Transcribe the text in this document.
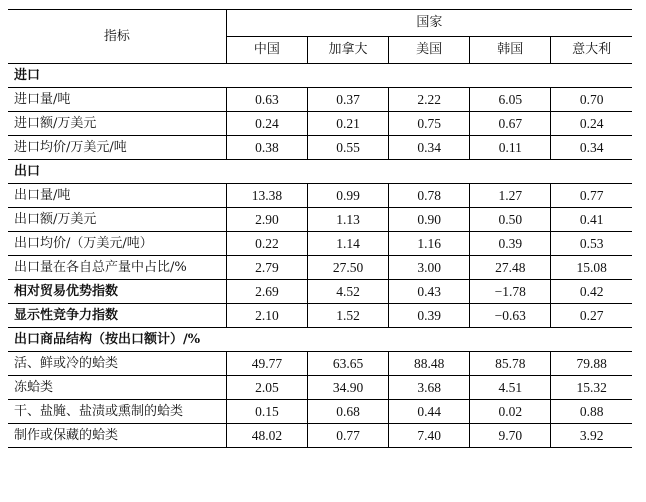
指标	国家				
	中国	加拿大	美国	韩国	意大利
进口					
进口量/吨	0.63	0.37	2.22	6.05	0.70
进口额/万美元	0.24	0.21	0.75	0.67	0.24
进口均价/万美元/吨	0.38	0.55	0.34	0.11	0.34
出口					
出口量/吨	13.38	0.99	0.78	1.27	0.77
出口额/万美元	2.90	1.13	0.90	0.50	0.41
出口均价/（万美元/吨）	0.22	1.14	1.16	0.39	0.53
出口量在各自总产量中占比/%	2.79	27.50	3.00	27.48	15.08
相对贸易优势指数	2.69	4.52	0.43	−1.78	0.42
显示性竞争力指数	2.10	1.52	0.39	−0.63	0.27
出口商品结构（按出口额计）/%					
活、鲜或冷的蛤类	49.77	63.65	88.48	85.78	79.88
冻蛤类	2.05	34.90	3.68	4.51	15.32
干、盐腌、盐渍或熏制的蛤类	0.15	0.68	0.44	0.02	0.88
制作或保藏的蛤类	48.02	0.77	7.40	9.70	3.92
